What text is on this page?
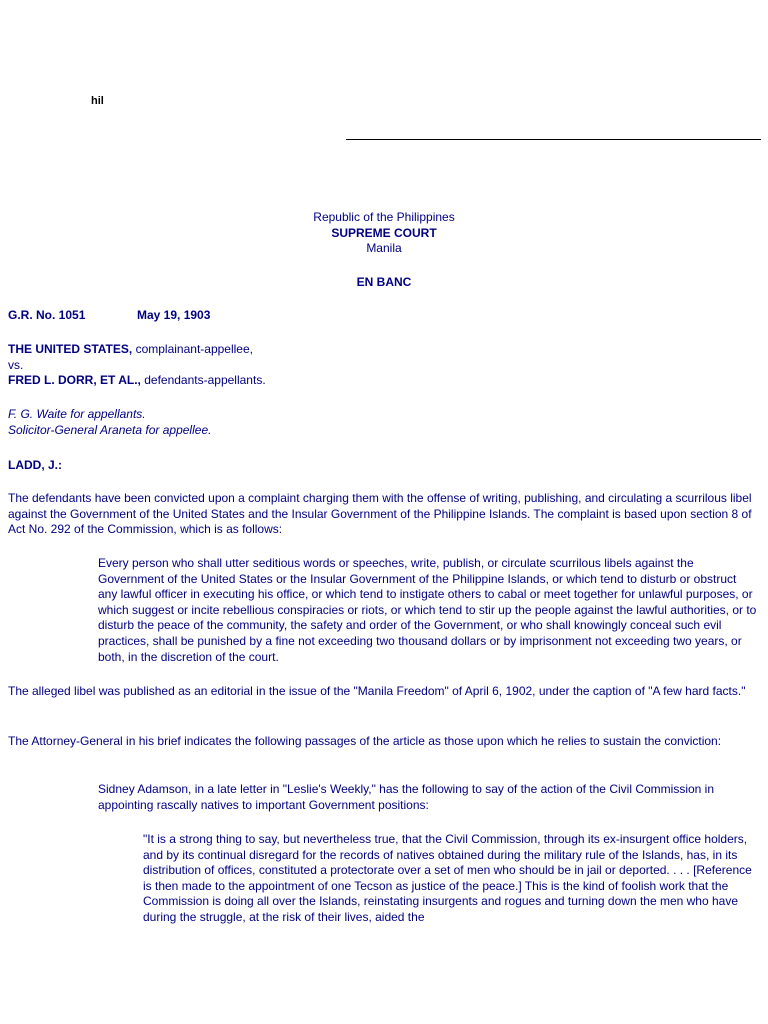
hil
Republic of the Philippines
SUPREME COURT
Manila
EN BANC
G.R. No. 1051	May 19, 1903
THE UNITED STATES, complainant-appellee,
vs.
FRED L. DORR, ET AL., defendants-appellants.
F. G. Waite for appellants.
Solicitor-General Araneta for appellee.
LADD, J.:

The defendants have been convicted upon a complaint charging them with the offense of writing, publishing, and circulating a scurrilous libel against the Government of the United States and the Insular Government of the Philippine Islands. The complaint is based upon section 8 of Act No. 292 of the Commission, which is as follows:

Every person who shall utter seditious words or speeches, write, publish, or circulate scurrilous libels against the Government of the United States or the Insular Government of the Philippine Islands, or which tend to disturb or obstruct any lawful officer in executing his office, or which tend to instigate others to cabal or meet together for unlawful purposes, or which suggest or incite rebellious conspiracies or riots, or which tend to stir up the people against the lawful authorities, or to disturb the peace of the community, the safety and order of the Government, or who shall knowingly conceal such evil practices, shall be punished by a fine not exceeding two thousand dollars or by imprisonment not exceeding two years, or both, in the discretion of the court.

The alleged libel was published as an editorial in the issue of the "Manila Freedom" of April 6, 1902, under the caption of "A few hard facts."

The Attorney-General in his brief indicates the following passages of the article as those upon which he relies to sustain the conviction:

Sidney Adamson, in a late letter in "Leslie's Weekly," has the following to say of the action of the Civil Commission in appointing rascally natives to important Government positions:

"It is a strong thing to say, but nevertheless true, that the Civil Commission, through its ex-insurgent office holders, and by its continual disregard for the records of natives obtained during the military rule of the Islands, has, in its distribution of offices, constituted a protectorate over a set of men who should be in jail or deported. . . . [Reference is then made to the appointment of one Tecson as justice of the peace.] This is the kind of foolish work that the Commission is doing all over the Islands, reinstating insurgents and rogues and turning down the men who have during the struggle, at the risk of their lives, aided the
